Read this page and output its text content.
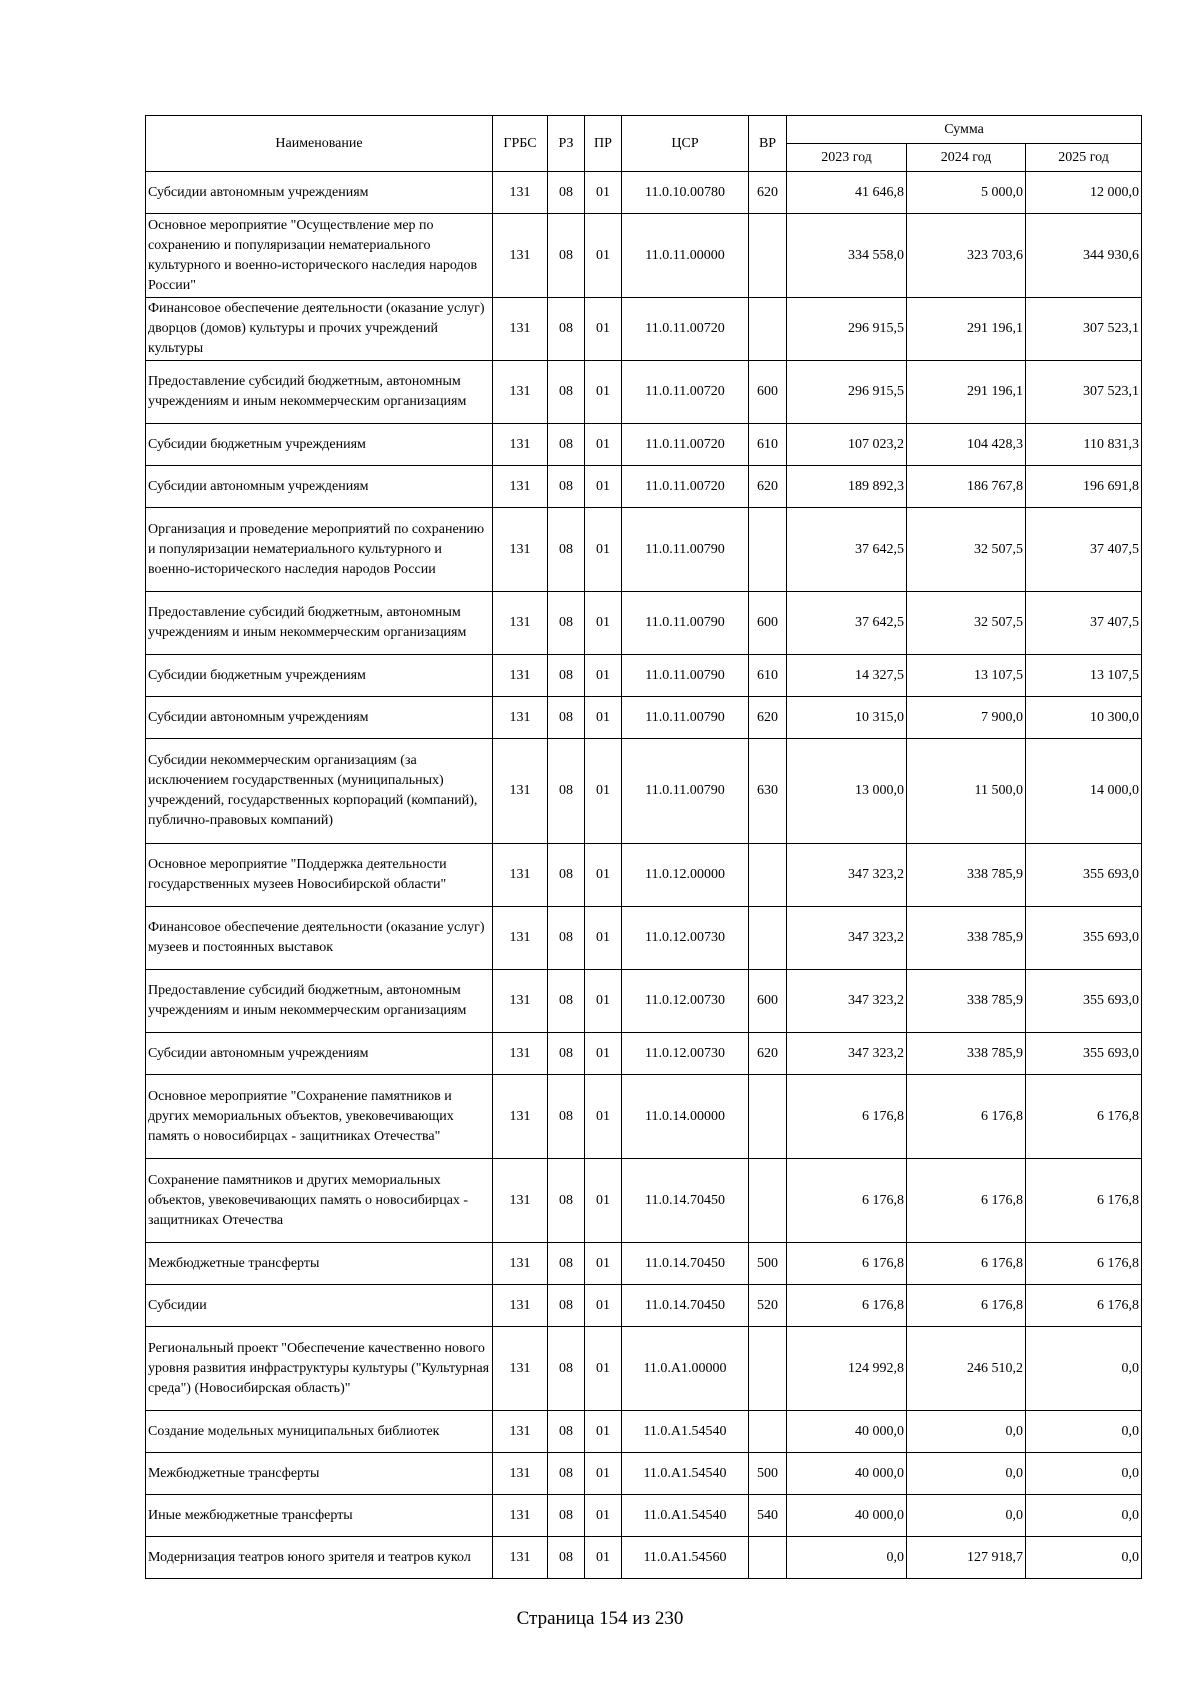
Наименование	ГРБС	РЗ	ПР	ЦСР	ВР	Сумма		
						2023 год	2024 год	2025 год
Субсидии автономным учреждениям	131	08	01	11.0.10.00780	620	41 646,8	5 000,0	12 000,0
Основное мероприятие "Осуществление мер по сохранению и популяризации нематериального культурного и военно-исторического наследия народов России"	131	08	01	11.0.11.00000		334 558,0	323 703,6	344 930,6
Финансовое обеспечение деятельности (оказание услуг) дворцов (домов) культуры и прочих учреждений культуры	131	08	01	11.0.11.00720		296 915,5	291 196,1	307 523,1
Предоставление субсидий бюджетным, автономным учреждениям и иным некоммерческим организациям	131	08	01	11.0.11.00720	600	296 915,5	291 196,1	307 523,1
Субсидии бюджетным учреждениям	131	08	01	11.0.11.00720	610	107 023,2	104 428,3	110 831,3
Субсидии автономным учреждениям	131	08	01	11.0.11.00720	620	189 892,3	186 767,8	196 691,8
Организация и проведение мероприятий по сохранению и популяризации нематериального культурного и военно-исторического наследия народов России	131	08	01	11.0.11.00790		37 642,5	32 507,5	37 407,5
Предоставление субсидий бюджетным, автономным учреждениям и иным некоммерческим организациям	131	08	01	11.0.11.00790	600	37 642,5	32 507,5	37 407,5
Субсидии бюджетным учреждениям	131	08	01	11.0.11.00790	610	14 327,5	13 107,5	13 107,5
Субсидии автономным учреждениям	131	08	01	11.0.11.00790	620	10 315,0	7 900,0	10 300,0
Субсидии некоммерческим организациям (за исключением государственных (муниципальных) учреждений, государственных корпораций (компаний), публично-правовых компаний)	131	08	01	11.0.11.00790	630	13 000,0	11 500,0	14 000,0
Основное мероприятие "Поддержка деятельности государственных музеев Новосибирской области"	131	08	01	11.0.12.00000		347 323,2	338 785,9	355 693,0
Финансовое обеспечение деятельности (оказание услуг) музеев и постоянных выставок	131	08	01	11.0.12.00730		347 323,2	338 785,9	355 693,0
Предоставление субсидий бюджетным, автономным учреждениям и иным некоммерческим организациям	131	08	01	11.0.12.00730	600	347 323,2	338 785,9	355 693,0
Субсидии автономным учреждениям	131	08	01	11.0.12.00730	620	347 323,2	338 785,9	355 693,0
Основное мероприятие "Сохранение памятников и других мемориальных объектов, увековечивающих память о новосибирцах - защитниках Отечества"	131	08	01	11.0.14.00000		6 176,8	6 176,8	6 176,8
Сохранение памятников и других мемориальных объектов, увековечивающих память о новосибирцах - защитниках Отечества	131	08	01	11.0.14.70450		6 176,8	6 176,8	6 176,8
Межбюджетные трансферты	131	08	01	11.0.14.70450	500	6 176,8	6 176,8	6 176,8
Субсидии	131	08	01	11.0.14.70450	520	6 176,8	6 176,8	6 176,8
Региональный проект "Обеспечение качественно нового уровня развития инфраструктуры культуры ("Культурная среда") (Новосибирская область)"	131	08	01	11.0.A1.00000		124 992,8	246 510,2	0,0
Создание модельных муниципальных библиотек	131	08	01	11.0.A1.54540		40 000,0	0,0	0,0
Межбюджетные трансферты	131	08	01	11.0.A1.54540	500	40 000,0	0,0	0,0
Иные межбюджетные трансферты	131	08	01	11.0.A1.54540	540	40 000,0	0,0	0,0
Модернизация театров юного зрителя и театров кукол	131	08	01	11.0.A1.54560		0,0	127 918,7	0,0
Страница 154 из 230
